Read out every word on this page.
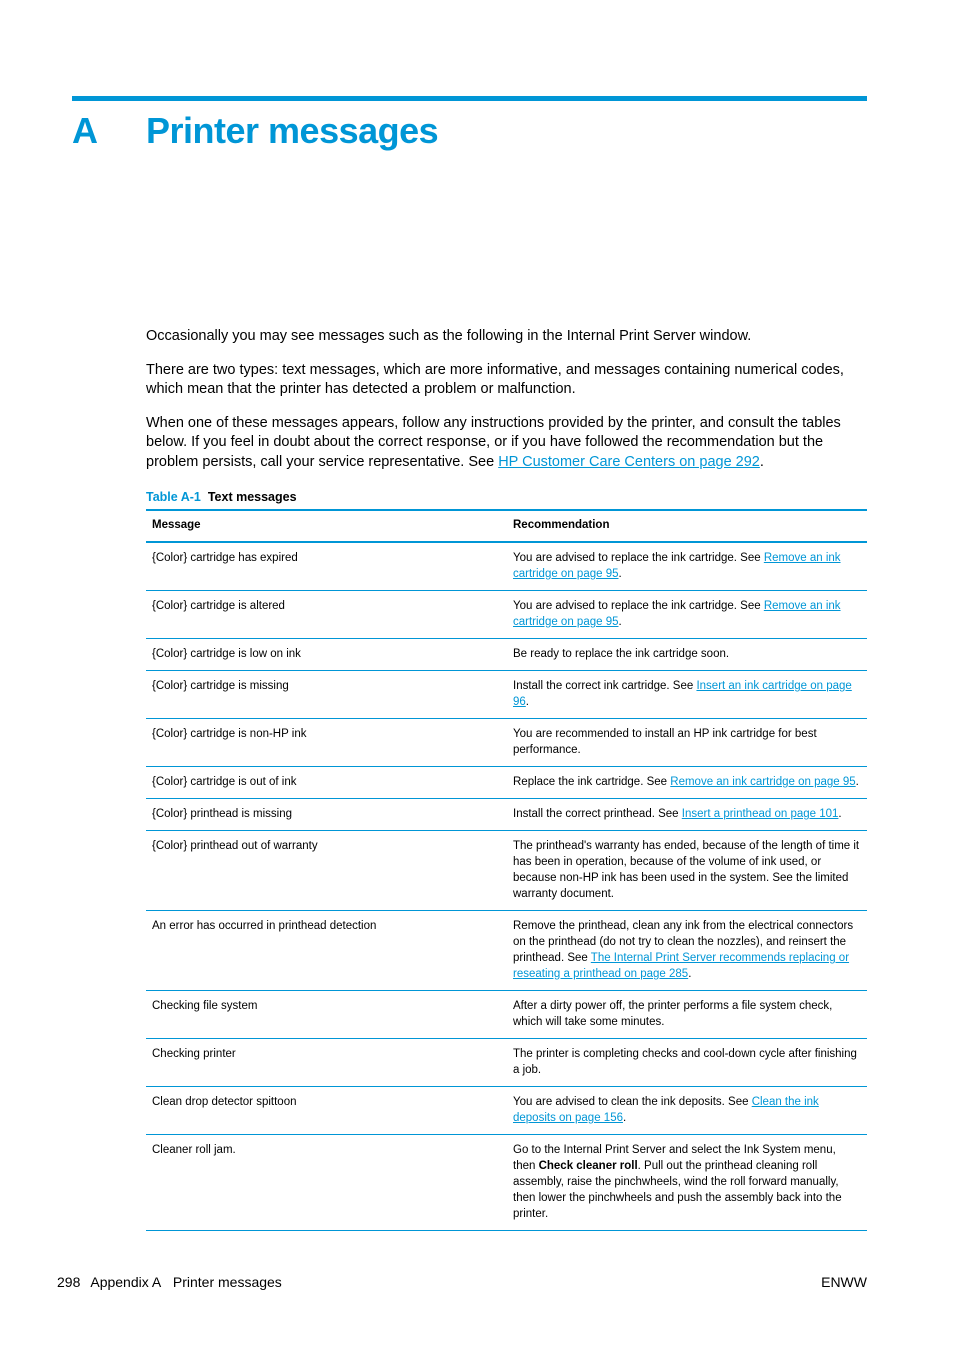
A Printer messages

Occasionally you may see messages such as the following in the Internal Print Server window.

There are two types: text messages, which are more informative, and messages containing numerical codes, which mean that the printer has detected a problem or malfunction.

When one of these messages appears, follow any instructions provided by the printer, and consult the tables below. If you feel in doubt about the correct response, or if you have followed the recommendation but the problem persists, call your service representative. See HP Customer Care Centers on page 292.

Table A-1 Text messages
Message	Recommendation
{Color} cartridge has expired	You are advised to replace the ink cartridge. See Remove an ink cartridge on page 95.
{Color} cartridge is altered	You are advised to replace the ink cartridge. See Remove an ink cartridge on page 95.
{Color} cartridge is low on ink	Be ready to replace the ink cartridge soon.
{Color} cartridge is missing	Install the correct ink cartridge. See Insert an ink cartridge on page 96.
{Color} cartridge is non-HP ink	You are recommended to install an HP ink cartridge for best performance.
{Color} cartridge is out of ink	Replace the ink cartridge. See Remove an ink cartridge on page 95.
{Color} printhead is missing	Install the correct printhead. See Insert a printhead on page 101.
{Color} printhead out of warranty	The printhead's warranty has ended, because of the length of time it has been in operation, because of the volume of ink used, or because non-HP ink has been used in the system. See the limited warranty document.
An error has occurred in printhead detection	Remove the printhead, clean any ink from the electrical connectors on the printhead (do not try to clean the nozzles), and reinsert the printhead. See The Internal Print Server recommends replacing or reseating a printhead on page 285.
Checking file system	After a dirty power off, the printer performs a file system check, which will take some minutes.
Checking printer	The printer is completing checks and cool-down cycle after finishing a job.
Clean drop detector spittoon	You are advised to clean the ink deposits. See Clean the ink deposits on page 156.
Cleaner roll jam.	Go to the Internal Print Server and select the Ink System menu, then Check cleaner roll. Pull out the printhead cleaning roll assembly, raise the pinchwheels, wind the roll forward manually, then lower the pinchwheels and push the assembly back into the printer.
298 Appendix A Printer messages	ENWW
